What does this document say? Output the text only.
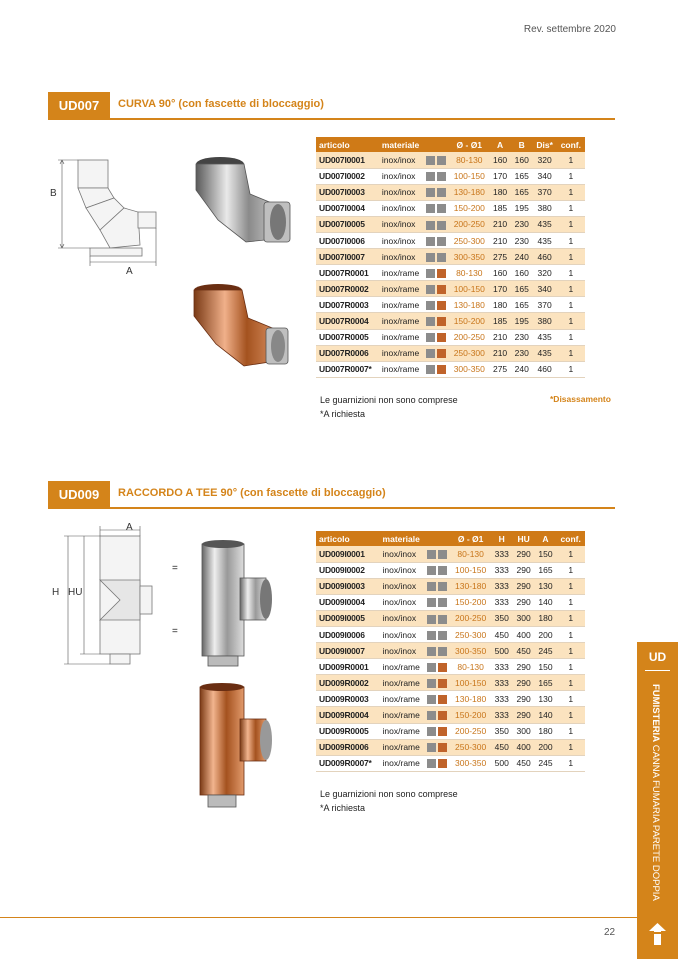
Rev. settembre 2020
UD007	CURVA 90° (con fascette di bloccaggio)
B
A
articolo	materiale		Ø - Ø1	A	B	Dis*	conf.
UD007I0001	inox/inox		80-130	160	160	320	1
UD007I0002	inox/inox		100-150	170	165	340	1
UD007I0003	inox/inox		130-180	180	165	370	1
UD007I0004	inox/inox		150-200	185	195	380	1
UD007I0005	inox/inox		200-250	210	230	435	1
UD007I0006	inox/inox		250-300	210	230	435	1
UD007I0007	inox/inox		300-350	275	240	460	1
UD007R0001	inox/rame		80-130	160	160	320	1
UD007R0002	inox/rame		100-150	170	165	340	1
UD007R0003	inox/rame		130-180	180	165	370	1
UD007R0004	inox/rame		150-200	185	195	380	1
UD007R0005	inox/rame		200-250	210	230	435	1
UD007R0006	inox/rame		250-300	210	230	435	1
UD007R0007*	inox/rame		300-350	275	240	460	1
Le guarnizioni non sono comprese
*A richiesta
*Disassamento
UD009	RACCORDO A TEE 90° (con fascette di bloccaggio)
A
H HU
=
=
articolo	materiale		Ø - Ø1	H	HU	A	conf.
UD009I0001	inox/inox		80-130	333	290	150	1
UD009I0002	inox/inox		100-150	333	290	165	1
UD009I0003	inox/inox		130-180	333	290	130	1
UD009I0004	inox/inox		150-200	333	290	140	1
UD009I0005	inox/inox		200-250	350	300	180	1
UD009I0006	inox/inox		250-300	450	400	200	1
UD009I0007	inox/inox		300-350	500	450	245	1
UD009R0001	inox/rame		80-130	333	290	150	1
UD009R0002	inox/rame		100-150	333	290	165	1
UD009R0003	inox/rame		130-180	333	290	130	1
UD009R0004	inox/rame		150-200	333	290	140	1
UD009R0005	inox/rame		200-250	350	300	180	1
UD009R0006	inox/rame		250-300	450	400	200	1
UD009R0007*	inox/rame		300-350	500	450	245	1
Le guarnizioni non sono comprese
*A richiesta
UD
FUMISTERIA CANNA FUMARIA PARETE DOPPIA
22
